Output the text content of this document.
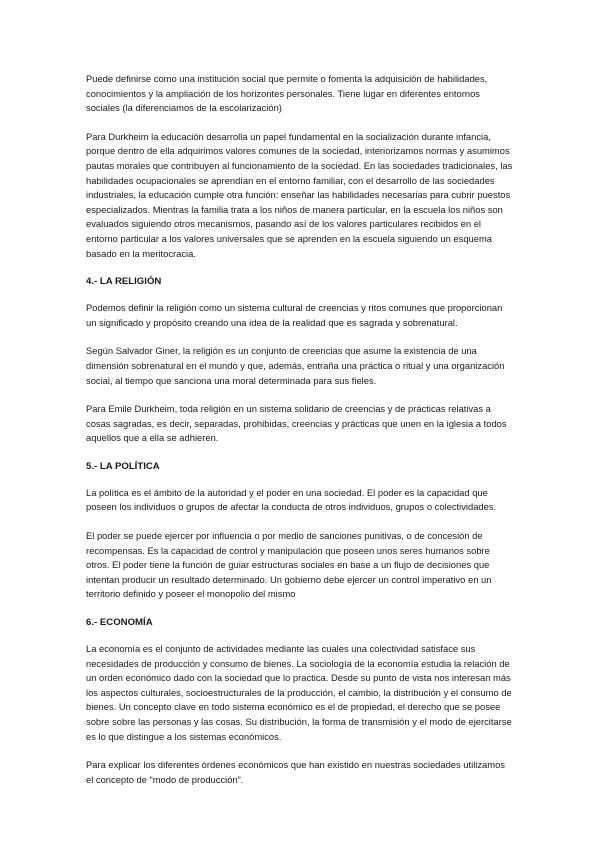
Puede definirse como una institución social que permite o fomenta la adquisición de habilidades, conocimientos y la ampliación de los horizontes personales. Tiene lugar en diferentes entornos sociales (la diferenciamos de la escolarización)

Para Durkheim la educación desarrolla un papel fundamental en la socialización durante infancia, porque dentro de ella adquirimos valores comunes de la sociedad, interiorizamos normas y asumimos pautas morales que contribuyen al funcionamiento de la sociedad. En las sociedades tradicionales, las habilidades ocupacionales se aprendían en el entorno familiar, con el desarrollo de las sociedades industriales, la educación cumple otra función: enseñar las habilidades necesarias para cubrir puestos especializados. Mientras la familia trata a los niños de manera particular, en la escuela los niños son evaluados siguiendo otros mecanismos, pasando así de los valores particulares recibidos en el entorno particular a los valores universales que se aprenden en la escuela siguiendo un esquema basado en la meritocracia.

4.- LA RELIGIÓN

Podemos definir la religión como un sistema cultural de creencias y ritos comunes que proporcionan un significado y propósito creando una idea de la realidad que es sagrada y sobrenatural.

Según Salvador Giner, la religión es un conjunto de creencias que asume la existencia de una dimensión sobrenatural en el mundo y que, además, entraña una práctica o ritual y una organización social, al tiempo que sanciona una moral determinada para sus fieles.

Para Emile Durkheim, toda religión en un sistema solidario de creencias y de prácticas relativas a cosas sagradas, es decir, separadas, prohibidas, creencias y prácticas que unen en la iglesia a todos aquellos que a ella se adhieren.

5.- LA POLÍTICA

La política es el ámbito de la autoridad y el poder en una sociedad. El poder es la capacidad que poseen los individuos o grupos de afectar la conducta de otros individuos, grupos o colectividades.

El poder se puede ejercer por influencia o por medio de sanciones punitivas, o de concesión de recompensas. Es la capacidad de control y manipulación que poseen unos seres humanos sobre otros. El poder tiene la función de guiar estructuras sociales en base a un flujo de decisiones que intentan producir un resultado determinado. Un gobierno debe ejercer un control imperativo en un territorio definido y poseer el monopolio del mismo

6.- ECONOMÍA

La economía es el conjunto de actividades mediante las cuales una colectividad satisface sus necesidades de producción y consumo de bienes. La sociología de la economía estudia la relación de un orden económico dado con la sociedad que lo practica. Desde su punto de vista nos interesan más los aspectos culturales, socioestructurales de la producción, el cambio, la distribución y el consumo de bienes. Un concepto clave en todo sistema económico es el de propiedad, el derecho que se posee sobre sobre las personas y las cosas. Su distribución, la forma de transmisión y el modo de ejercitarse es lo que distingue a los sistemas económicos.

Para explicar los diferentes órdenes económicos que han existido en nuestras sociedades utilizamos el concepto de “modo de producción”.
